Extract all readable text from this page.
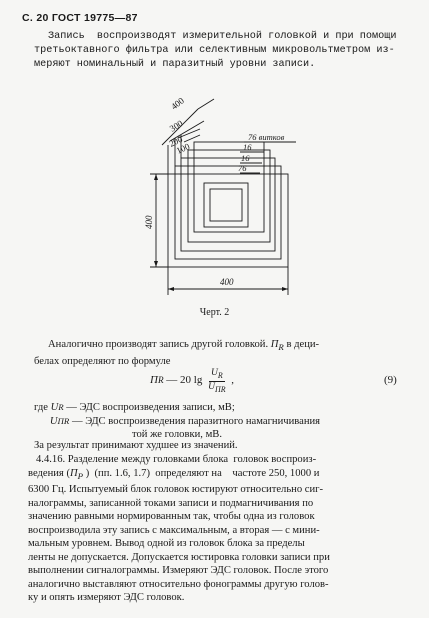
С. 20 ГОСТ 19775—87
Запись  воспроизводят измерительной головкой и при помощи
третьоктавного фильтра или селективным микровольтметром из-
меряют номинальный и паразитный уровни записи.
400
300
200
100
76 витков
16
16
76
400
400
Черт. 2
Аналогично производят запись другой головкой. $П_R$ в деци-
белах определяют по формуле
П R — 20 $\lg \frac{U_R}{U_{ПR}}$ ,	(9)
где U R — ЭДС воспроизведения записи, мВ;

U ПR — ЭДС воспроизведения паразитного намагничивания
той же головки, мВ.
За результат принимают худшее из значений.
4.4.16. Разделение между головками блока  головок воспроиз-
ведения ($П_Р$ )  (пп. 1.6, 1.7)  определяют на    частоте 250, 1000 и
6300 Гц. Испытуемый блок головок юстируют относительно сиг-
налограммы, записанной токами записи и подмагничивания по
значению равными нормированным так, чтобы одна из головок
воспроизводила эту запись с максимальным, а вторая — с мини-
мальным уровнем. Вывод одной из головок блока за пределы
ленты не допускается. Допускается юстировка головки записи при
выполнении сигналограммы. Измеряют ЭДС головок. После этого
аналогично выставляют относительно фонограммы другую голов-
ку и опять измеряют ЭДС головок.
